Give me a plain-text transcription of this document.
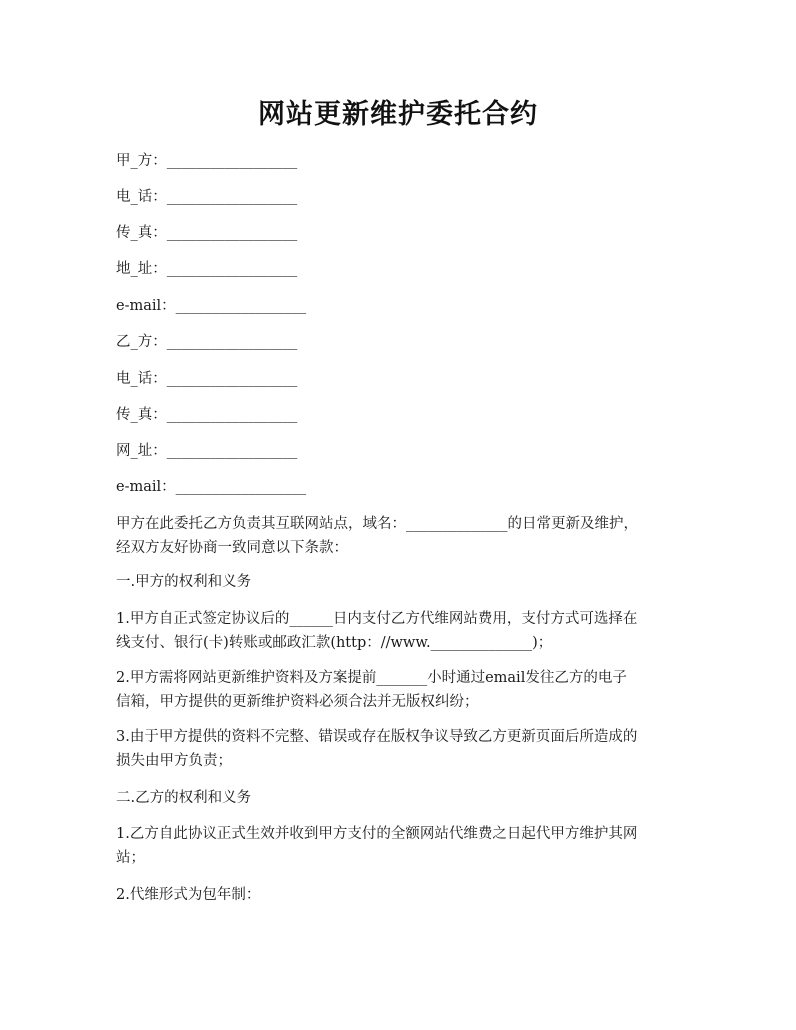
网站更新维护委托合约
甲_方：__________________
电_话：__________________
传_真：__________________
地_址：__________________
e-mail：__________________
乙_方：__________________
电_话：__________________
传_真：__________________
网_址：__________________
e-mail：__________________
甲方在此委托乙方负责其互联网站点，域名：______________的日常更新及维护，
经双方友好协商一致同意以下条款：
一.甲方的权利和义务
1.甲方自正式签定协议后的______日内支付乙方代维网站费用，支付方式可选择在
线支付、银行(卡)转账或邮政汇款(http：//www.______________)；
2.甲方需将网站更新维护资料及方案提前_______小时通过email发往乙方的电子
信箱，甲方提供的更新维护资料必须合法并无版权纠纷；
3.由于甲方提供的资料不完整、错误或存在版权争议导致乙方更新页面后所造成的
损失由甲方负责；
二.乙方的权利和义务
1.乙方自此协议正式生效并收到甲方支付的全额网站代维费之日起代甲方维护其网
站；
2.代维形式为包年制：
